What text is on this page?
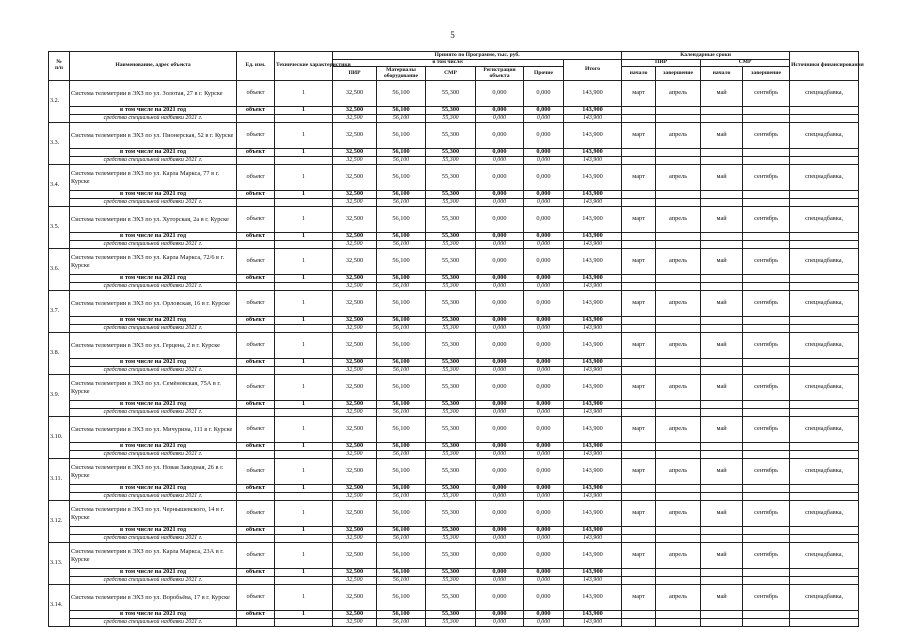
5
№
п/п	Наименование, адрес объекта	Ед. изм.	Технические характеристики	Принято по Программе, тыс. руб.						Календарные сроки				Источники финансирования
				в том числе:					Итого	ПИР		СМР		
				ПИР	Материалы оборудование	СМР	Регистрация объекта	Прочие		начало	завершение	начало	завершение	
3.2.	Система телеметрии в ЭХЗ по ул. Золотая, 27 в г. Курске	объект	1	32,500	56,100	55,300	0,000	0,000	143,900	март	апрель	май	сентябрь	спецнадбавка,
	в том числе на 2021 год	объект	1	32,500	56,100	55,300	0,000	0,000	143,900					
	средства специальной надбавки 2021 г.			32,500	56,100	55,300	0,000	0,000	143,900					
3.3.	Система телеметрии в ЭХЗ по ул. Пионерская, 52 в г. Курске	объект	1	32,500	56,100	55,300	0,000	0,000	143,900	март	апрель	май	сентябрь	спецнадбавка,
	в том числе на 2021 год	объект	1	32,500	56,100	55,300	0,000	0,000	143,900					
	средства специальной надбавки 2021 г.			32,500	56,100	55,300	0,000	0,000	143,900					
3.4.	Система телеметрии в ЭХЗ по ул. Карла Маркса, 77 в г. Курске	объект	1	32,500	56,100	55,300	0,000	0,000	143,900	март	апрель	май	сентябрь	спецнадбавка,
	в том числе на 2021 год	объект	1	32,500	56,100	55,300	0,000	0,000	143,900					
	средства специальной надбавки 2021 г.			32,500	56,100	55,300	0,000	0,000	143,900					
3.5.	Система телеметрии в ЭХЗ по ул. Хуторская, 2а в г. Курске	объект	1	32,500	56,100	55,300	0,000	0,000	143,900	март	апрель	май	сентябрь	спецнадбавка,
	в том числе на 2021 год	объект	1	32,500	56,100	55,300	0,000	0,000	143,900					
	средства специальной надбавки 2021 г.			32,500	56,100	55,300	0,000	0,000	143,900					
3.6.	Система телеметрии в ЭХЗ по ул. Карла Маркса, 72/6 в г. Курске	объект	1	32,500	56,100	55,300	0,000	0,000	143,900	март	апрель	май	сентябрь	спецнадбавка,
	в том числе на 2021 год	объект	1	32,500	56,100	55,300	0,000	0,000	143,900					
	средства специальной надбавки 2021 г.			32,500	56,100	55,300	0,000	0,000	143,900					
3.7.	Система телеметрии в ЭХЗ по ул. Орловская, 16 в г. Курске	объект	1	32,500	56,100	55,300	0,000	0,000	143,900	март	апрель	май	сентябрь	спецнадбавка,
	в том числе на 2021 год	объект	1	32,500	56,100	55,300	0,000	0,000	143,900					
	средства специальной надбавки 2021 г.			32,500	56,100	55,300	0,000	0,000	143,900					
3.8.	Система телеметрии в ЭХЗ по ул. Герцена, 2 в г. Курске	объект	1	32,500	56,100	55,300	0,000	0,000	143,900	март	апрель	май	сентябрь	спецнадбавка,
	в том числе на 2021 год	объект	1	32,500	56,100	55,300	0,000	0,000	143,900					
	средства специальной надбавки 2021 г.			32,500	56,100	55,300	0,000	0,000	143,900					
3.9.	Система телеметрии в ЭХЗ по ул. Семёновская, 75А в г. Курске	объект	1	32,500	56,100	55,300	0,000	0,000	143,900	март	апрель	май	сентябрь	спецнадбавка,
	в том числе на 2021 год	объект	1	32,500	56,100	55,300	0,000	0,000	143,900					
	средства специальной надбавки 2021 г.			32,500	56,100	55,300	0,000	0,000	143,900					
3.10.	Система телеметрии в ЭХЗ по ул. Мичурина, 111 в г. Курске	объект	1	32,500	56,100	55,300	0,000	0,000	143,900	март	апрель	май	сентябрь	спецнадбавка,
	в том числе на 2021 год	объект	1	32,500	56,100	55,300	0,000	0,000	143,900					
	средства специальной надбавки 2021 г.			32,500	56,100	55,300	0,000	0,000	143,900					
3.11.	Система телеметрии в ЭХЗ по ул. Новая Заводная, 26 в г. Курске	объект	1	32,500	56,100	55,300	0,000	0,000	143,900	март	апрель	май	сентябрь	спецнадбавка,
	в том числе на 2021 год	объект	1	32,500	56,100	55,300	0,000	0,000	143,900					
	средства специальной надбавки 2021 г.			32,500	56,100	55,300	0,000	0,000	143,900					
3.12.	Система телеметрии в ЭХЗ по ул. Чернышевского, 14 в г. Курске	объект	1	32,500	56,100	55,300	0,000	0,000	143,900	март	апрель	май	сентябрь	спецнадбавка,
	в том числе на 2021 год	объект	1	32,500	56,100	55,300	0,000	0,000	143,900					
	средства специальной надбавки 2021 г.			32,500	56,100	55,300	0,000	0,000	143,900					
3.13.	Система телеметрии в ЭХЗ по ул. Карла Маркса, 23А в г. Курске	объект	1	32,500	56,100	55,300	0,000	0,000	143,900	март	апрель	май	сентябрь	спецнадбавка,
	в том числе на 2021 год	объект	1	32,500	56,100	55,300	0,000	0,000	143,900					
	средства специальной надбавки 2021 г.			32,500	56,100	55,300	0,000	0,000	143,900					
3.14.	Система телеметрии в ЭХЗ по ул. Воробьёва, 17 в г. Курске	объект	1	32,500	56,100	55,300	0,000	0,000	143,900	март	апрель	май	сентябрь	спецнадбавка,
	в том числе на 2021 год	объект	1	32,500	56,100	55,300	0,000	0,000	143,900					
	средства специальной надбавки 2021 г.			32,500	56,100	55,300	0,000	0,000	143,900					
